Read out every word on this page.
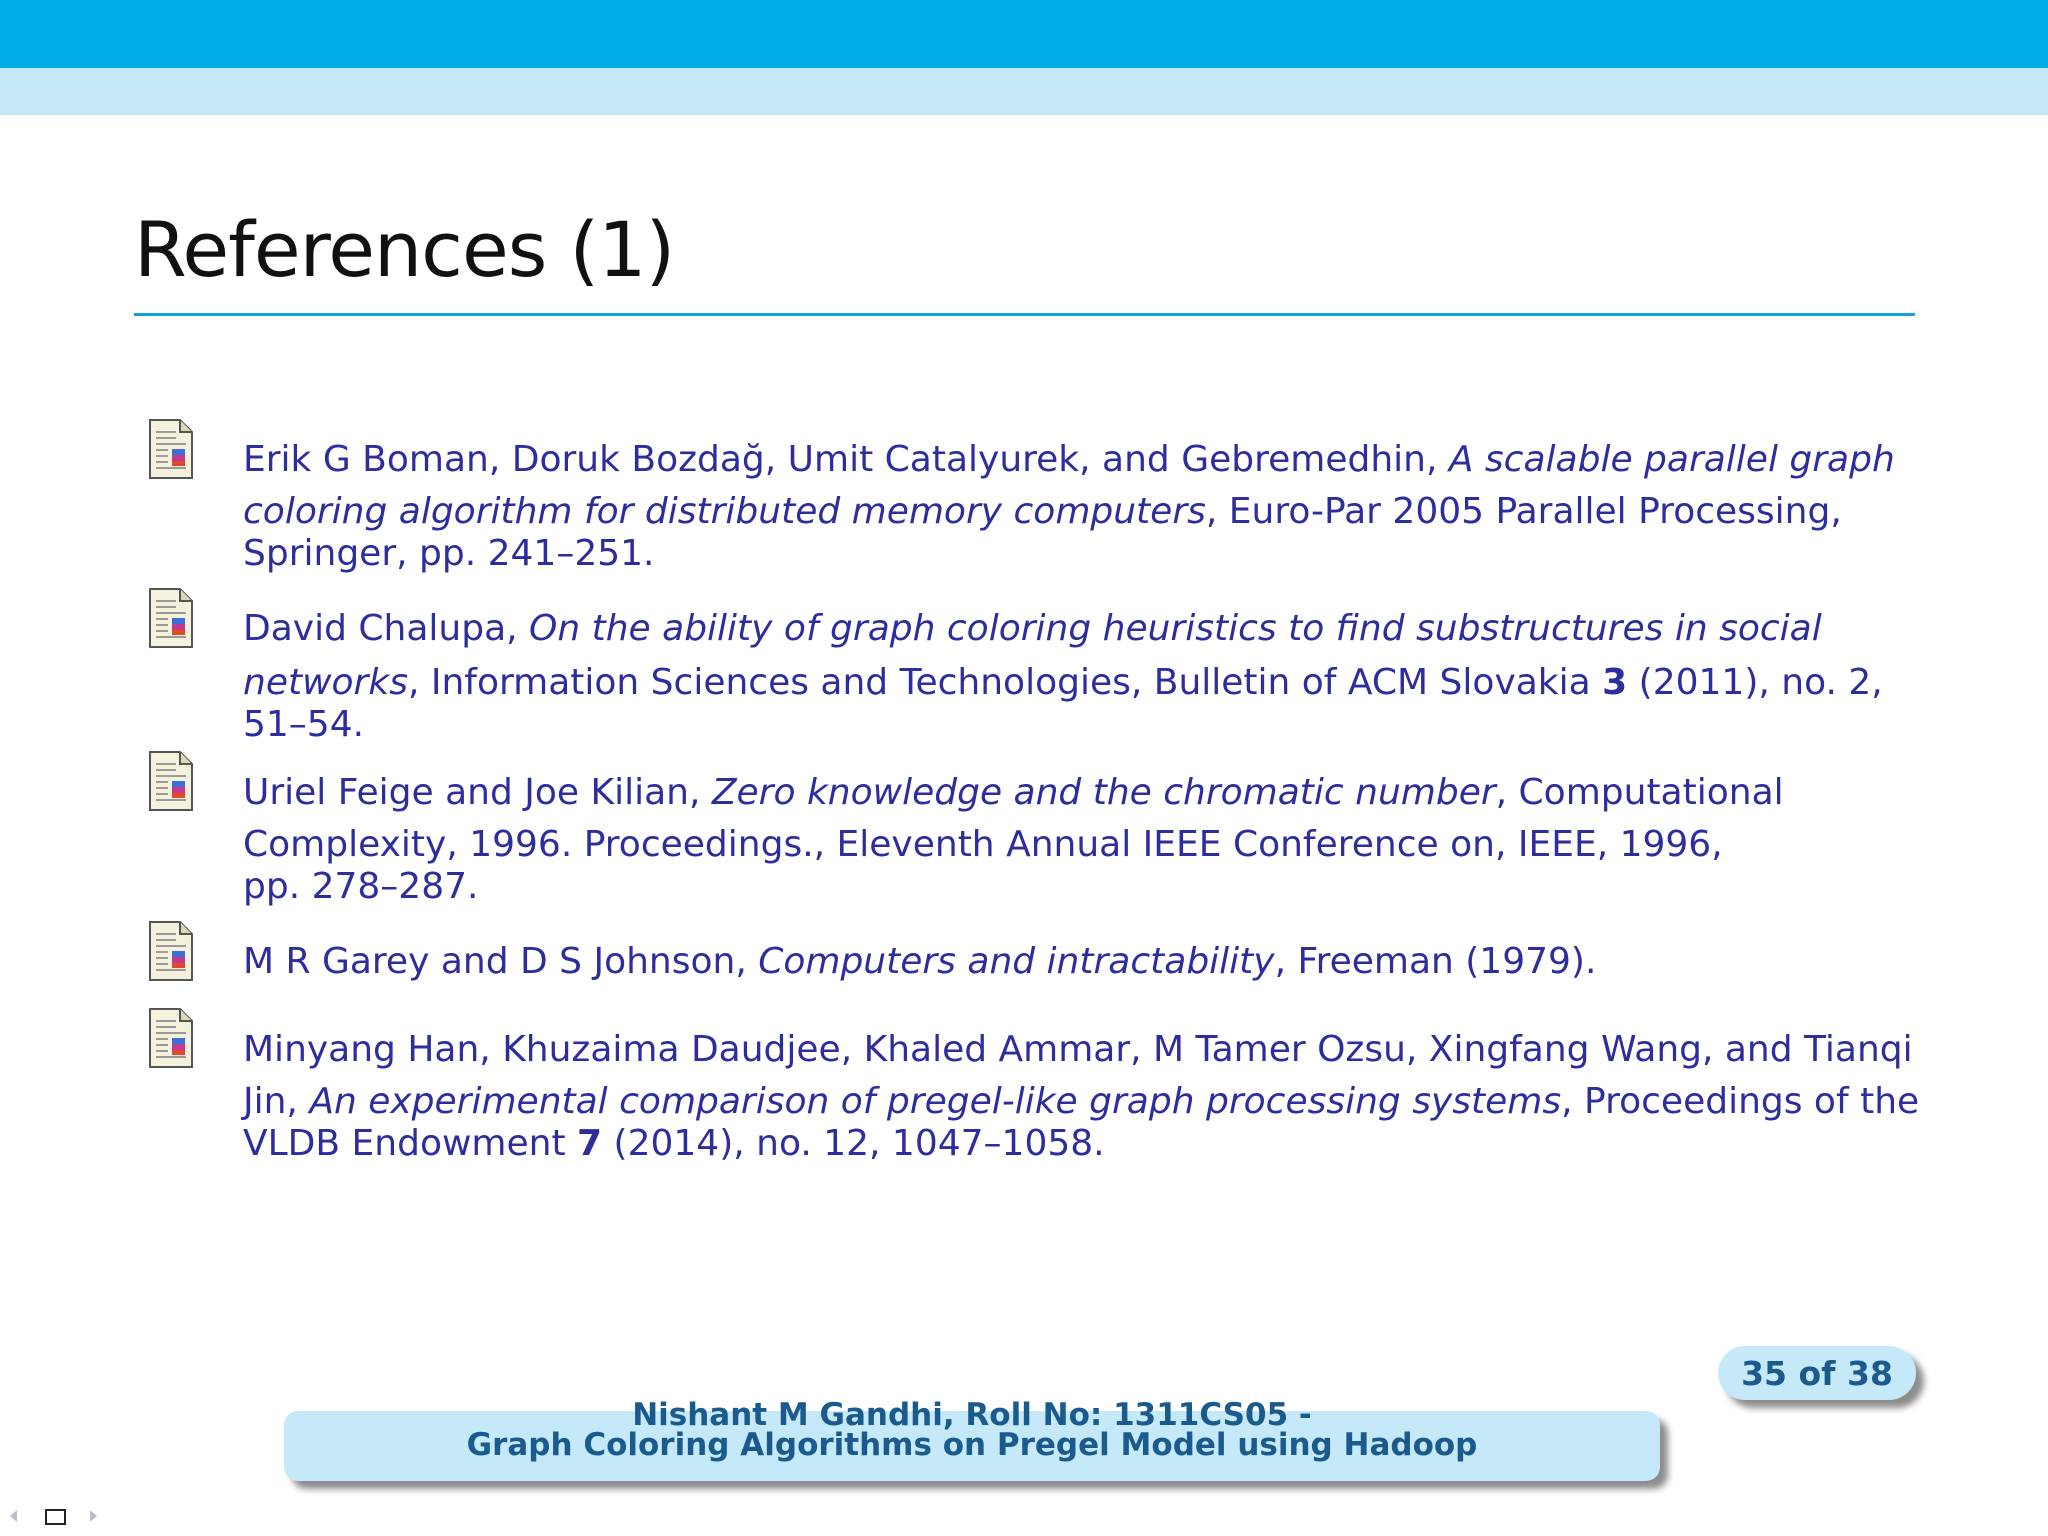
References (1)
Erik G Boman, Doruk Bozdağ, Umit Catalyurek, and Gebremedhin, A scalable parallel graph
coloring algorithm for distributed memory computers, Euro-Par 2005 Parallel Processing,
Springer, pp. 241–251.
David Chalupa, On the ability of graph coloring heuristics to find substructures in social
networks, Information Sciences and Technologies, Bulletin of ACM Slovakia 3 (2011), no. 2,
51–54.
Uriel Feige and Joe Kilian, Zero knowledge and the chromatic number, Computational
Complexity, 1996. Proceedings., Eleventh Annual IEEE Conference on, IEEE, 1996,
pp. 278–287.
M R Garey and D S Johnson, Computers and intractability, Freeman (1979).
Minyang Han, Khuzaima Daudjee, Khaled Ammar, M Tamer Ozsu, Xingfang Wang, and Tianqi
Jin, An experimental comparison of pregel-like graph processing systems, Proceedings of the
VLDB Endowment 7 (2014), no. 12, 1047–1058.
35 of 38
Nishant M Gandhi, Roll No: 1311CS05 -
Graph Coloring Algorithms on Pregel Model using Hadoop
